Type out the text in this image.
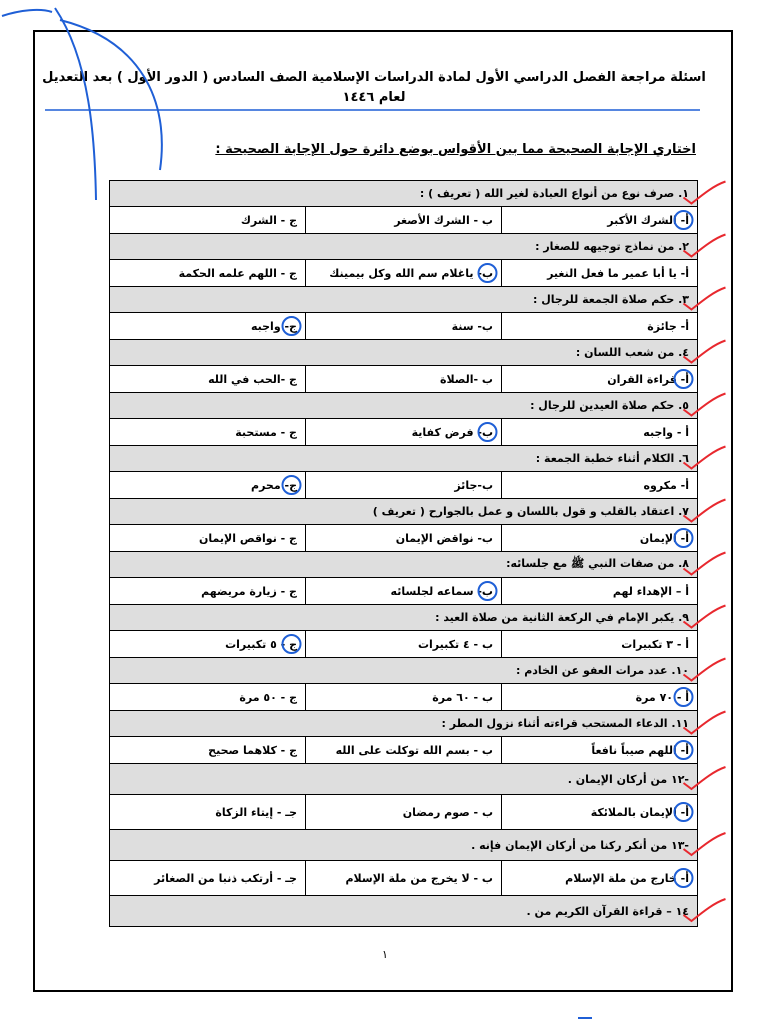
اسئلة مراجعة الفصل الدراسي الأول لمادة الدراسات الإسلامية الصف السادس ( الدور الأول ) بعد التعديل
لعام ١٤٤٦
اختاري الإجابة الصحيحة مما بين الأقواس بوضع دائرة حول الإجابة الصحيحة :
١. صرف نوع من أنواع العبادة لغير الله ( تعريف ) :		
أ- الشرك الأكبر	ب - الشرك الأصغر	ج - الشرك
٢. من نماذج توجيهه للصغار :		
أ- يا أبا عمير ما فعل النغير	ب- ياغلام سم الله وكل بيمينك	ج - اللهم علمه الحكمة
٣. حكم صلاة الجمعة للرجال :		
أ- جائزة	ب- سنة	ج- واجبه
٤. من شعب اللسان :		
أ- قراءة القران	ب -الصلاة	ج -الحب في الله
٥. حكم صلاة العيدين للرجال :		
أ - واجبه	ب- فرض كفاية	ج - مستحبة
٦. الكلام أثناء خطبة الجمعة :		
أ- مكروه	ب-جائز	ج- محرم
٧. اعتقاد بالقلب و قول باللسان و عمل بالجوارح ( تعريف )		
أ- الإيمان	ب- نواقض الإيمان	ج - نواقص الإيمان
٨. من صفات النبي ﷺ مع جلسائه:		
أ – الإهداء لهم	ب- سماعه لجلسائه	ج - زيارة مريضهم
٩. يكبر الإمام في الركعة الثانية من صلاة العيد :		
أ - ٣ تكبيرات	ب - ٤ تكبيرات	ج - ٥ تكبيرات
١٠. عدد مرات العفو عن الخادم :		
أ - ٧٠ مرة	ب - ٦٠ مرة	ج - ٥٠ مرة
١١. الدعاء المستحب قراءته أثناء نزول المطر :		
أ- اللهم صيباً نافعاً	ب - بسم الله توكلت على الله	ج - كلاهما صحيح
-١٢ من أركان الإيمان .		
أ- الإيمان بالملائكة	ب - صوم رمضان	جـ - إيتاء الزكاة
-١٣ من أنكر ركنا من أركان الإيمان فإنه .		
أ- خارج من ملة الإسلام	ب - لا يخرج من ملة الإسلام	جـ - أرتكب ذنبا من الصغائر
١٤ – قراءة القرآن الكريم من .		
١
